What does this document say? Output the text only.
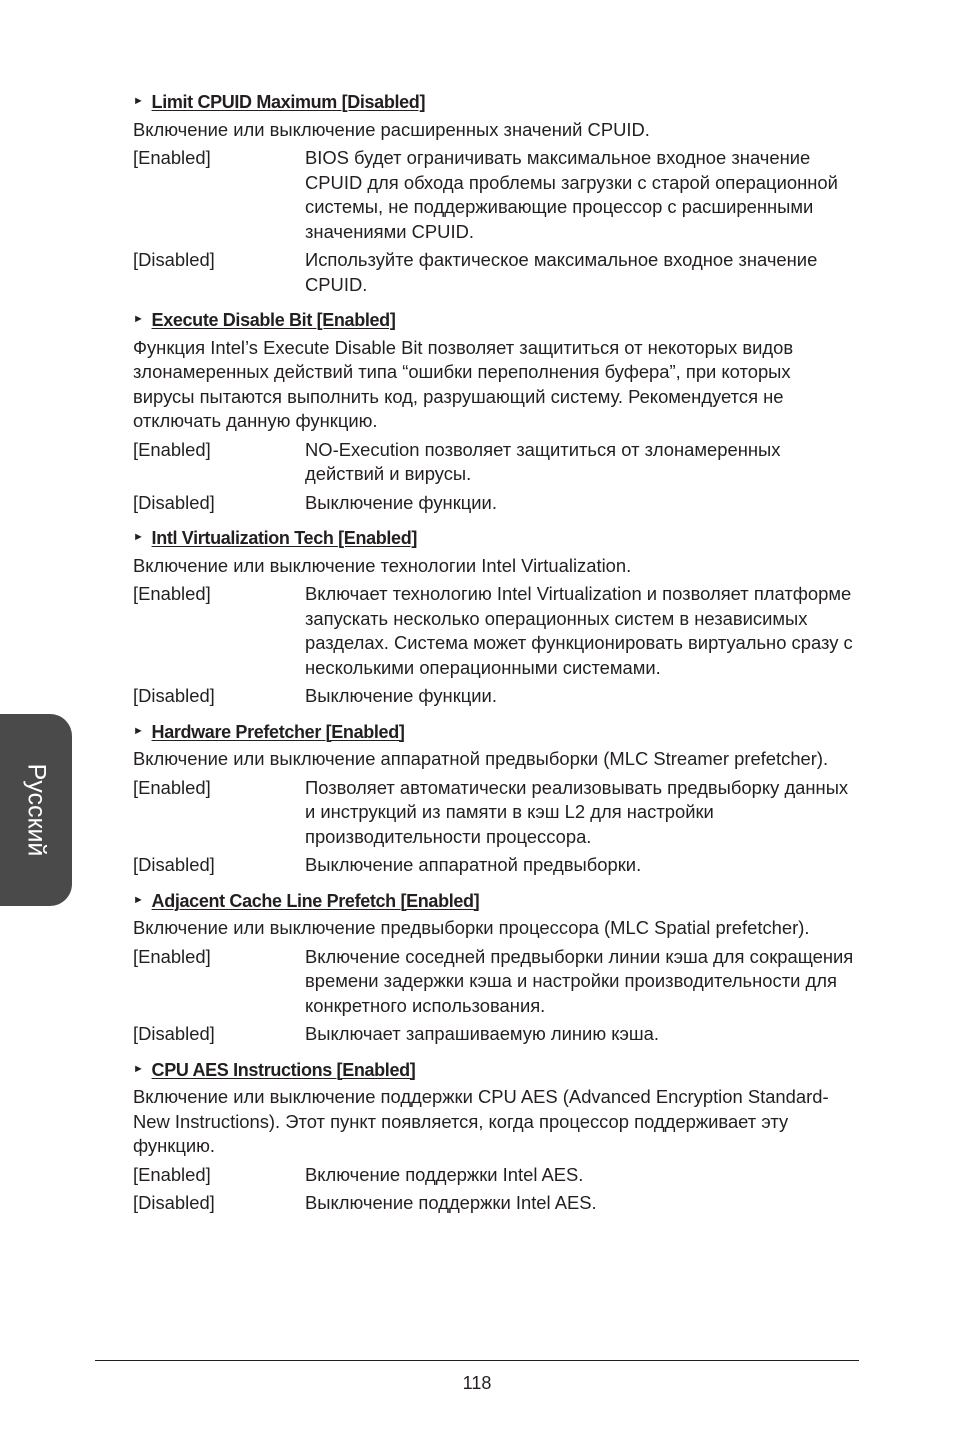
Русский
► Limit CPUID Maximum [Disabled]
Включение или выключение расширенных значений CPUID.
[Enabled]	BIOS будет ограничивать максимальное входное значение CPUID для обхода проблемы загрузки с старой операционной системы, не поддерживающие процессор с расширенными значениями CPUID.
[Disabled]	Используйте фактическое максимальное входное значение CPUID.
► Execute Disable Bit [Enabled]
Функция Intel’s Execute Disable Bit позволяет защититься от некоторых видов злонамеренных действий типа “ошибки переполнения буфера”, при которых вирусы пытаются выполнить код, разрушающий систему. Рекомендуется не отключать данную функцию.
[Enabled]	NO-Execution позволяет защититься от злонамеренных действий и вирусы.
[Disabled]	Выключение функции.
► Intl Virtualization Tech [Enabled]
Включение или выключение технологии Intel Virtualization.
[Enabled]	Включает технологию Intel Virtualization и позволяет платформе запускать несколько операционных систем в независимых разделах. Система может функционировать виртуально сразу с несколькими операционными системами.
[Disabled]	Выключение функции.
► Hardware Prefetcher [Enabled]
Включение или выключение аппаратной предвыборки (MLC Streamer prefetcher).
[Enabled]	Позволяет автоматически реализовывать предвыборку данных и инструкций из памяти в кэш L2 для настройки производительности процессора.
[Disabled]	Выключение аппаратной предвыборки.
► Adjacent Cache Line Prefetch [Enabled]
Включение или выключение предвыборки процессора (MLC Spatial prefetcher).
[Enabled]	Включение соседней предвыборки линии кэша для сокращения времени задержки кэша и настройки производительности для конкретного использования.
[Disabled]	Выключает запрашиваемую линию кэша.
► CPU AES Instructions [Enabled]
Включение или выключение поддержки CPU AES (Advanced Encryption Standard-New Instructions). Этот пункт появляется, когда процессор поддерживает эту функцию.
[Enabled]	Включение поддержки Intel AES.
[Disabled]	Выключение поддержки Intel AES.
118
